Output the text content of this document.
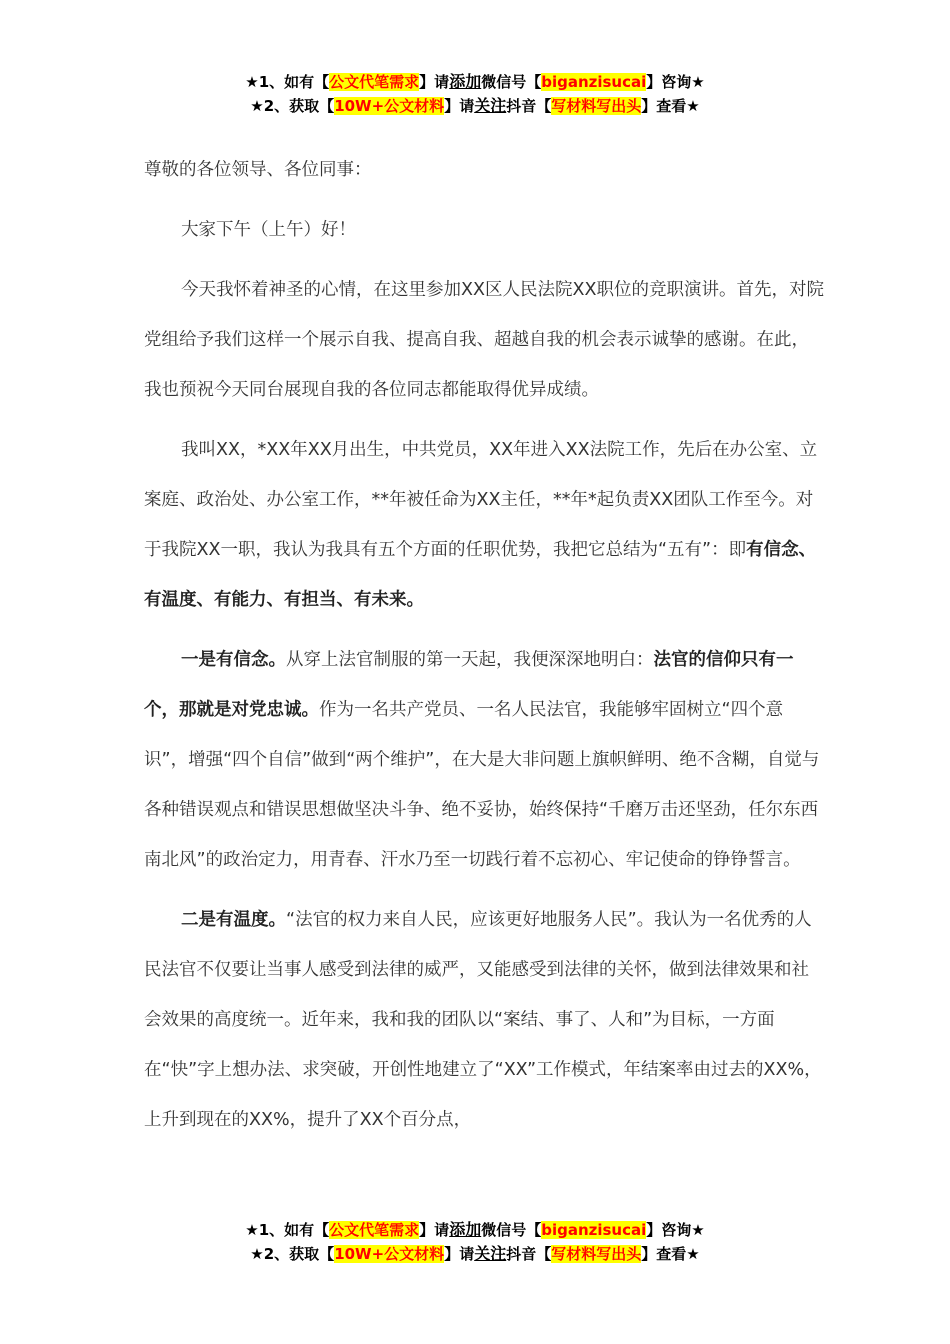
★1、如有【公文代笔需求】请添加微信号【biganzisucai】咨询★
★2、获取【10W+公文材料】请关注抖音【写材料写出头】查看★

尊敬的各位领导、各位同事：

大家下午（上午）好！

今天我怀着神圣的心情，在这里参加XX区人民法院XX职位的竞职演讲。首先，对院党组给予我们这样一个展示自我、提高自我、超越自我的机会表示诚挚的感谢。在此，我也预祝今天同台展现自我的各位同志都能取得优异成绩。

我叫XX，*XX年XX月出生，中共党员，XX年进入XX法院工作，先后在办公室、立案庭、政治处、办公室工作，**年被任命为XX主任，**年*起负责XX团队工作至今。对于我院XX一职，我认为我具有五个方面的任职优势，我把它总结为“五有”：即有信念、有温度、有能力、有担当、有未来。

一是有信念。从穿上法官制服的第一天起，我便深深地明白：法官的信仰只有一个，那就是对党忠诚。作为一名共产党员、一名人民法官，我能够牢固树立“四个意识”，增强“四个自信”做到“两个维护”，在大是大非问题上旗帜鲜明、绝不含糊，自觉与各种错误观点和错误思想做坚决斗争、绝不妥协，始终保持“千磨万击还坚劲，任尔东西南北风”的政治定力，用青春、汗水乃至一切践行着不忘初心、牢记使命的铮铮誓言。

二是有温度。“法官的权力来自人民，应该更好地服务人民”。我认为一名优秀的人民法官不仅要让当事人感受到法律的威严，又能感受到法律的关怀，做到法律效果和社会效果的高度统一。近年来，我和我的团队以“案结、事了、人和”为目标，一方面在“快”字上想办法、求突破，开创性地建立了“XX”工作模式，年结案率由过去的XX%，上升到现在的XX%，提升了XX个百分点，

★1、如有【公文代笔需求】请添加微信号【biganzisucai】咨询★
★2、获取【10W+公文材料】请关注抖音【写材料写出头】查看★
